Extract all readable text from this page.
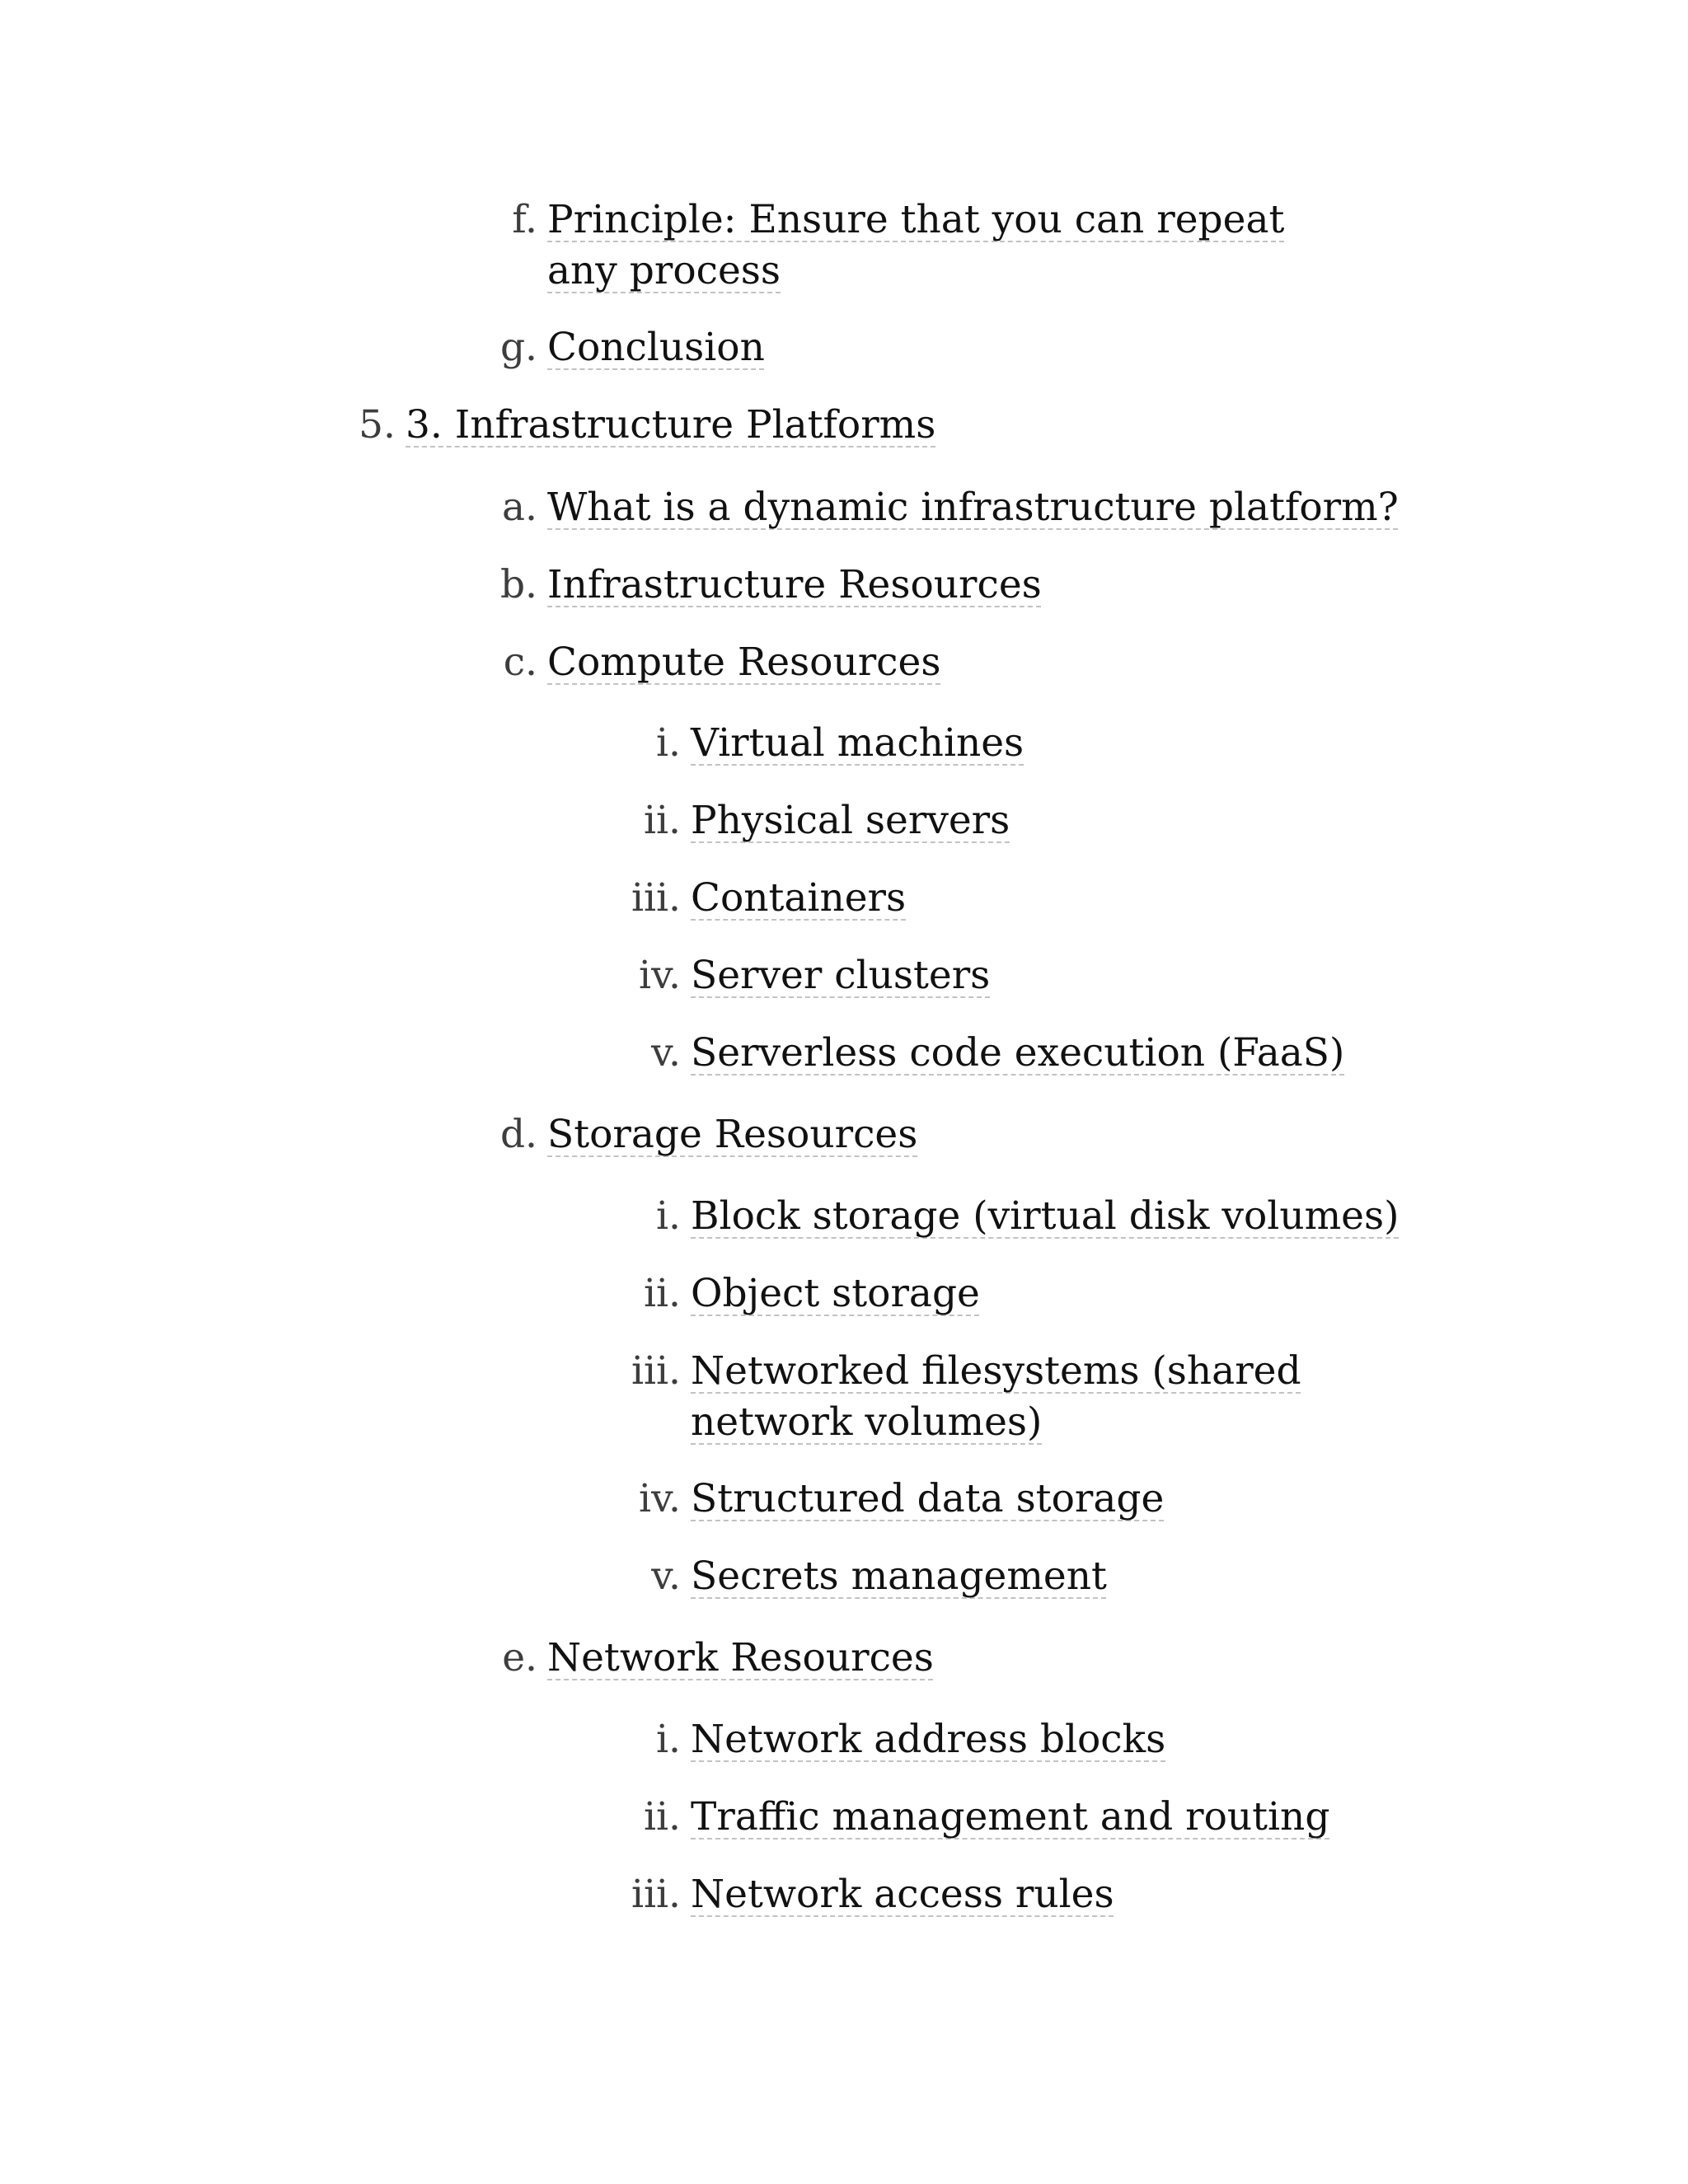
f. Principle: Ensure that you can repeat any process
g. Conclusion
5. 3. Infrastructure Platforms
a. What is a dynamic infrastructure platform?
b. Infrastructure Resources
c. Compute Resources
i. Virtual machines
ii. Physical servers
iii. Containers
iv. Server clusters
v. Serverless code execution (FaaS)
d. Storage Resources
i. Block storage (virtual disk volumes)
ii. Object storage
iii. Networked filesystems (shared network volumes)
iv. Structured data storage
v. Secrets management
e. Network Resources
i. Network address blocks
ii. Traffic management and routing
iii. Network access rules
